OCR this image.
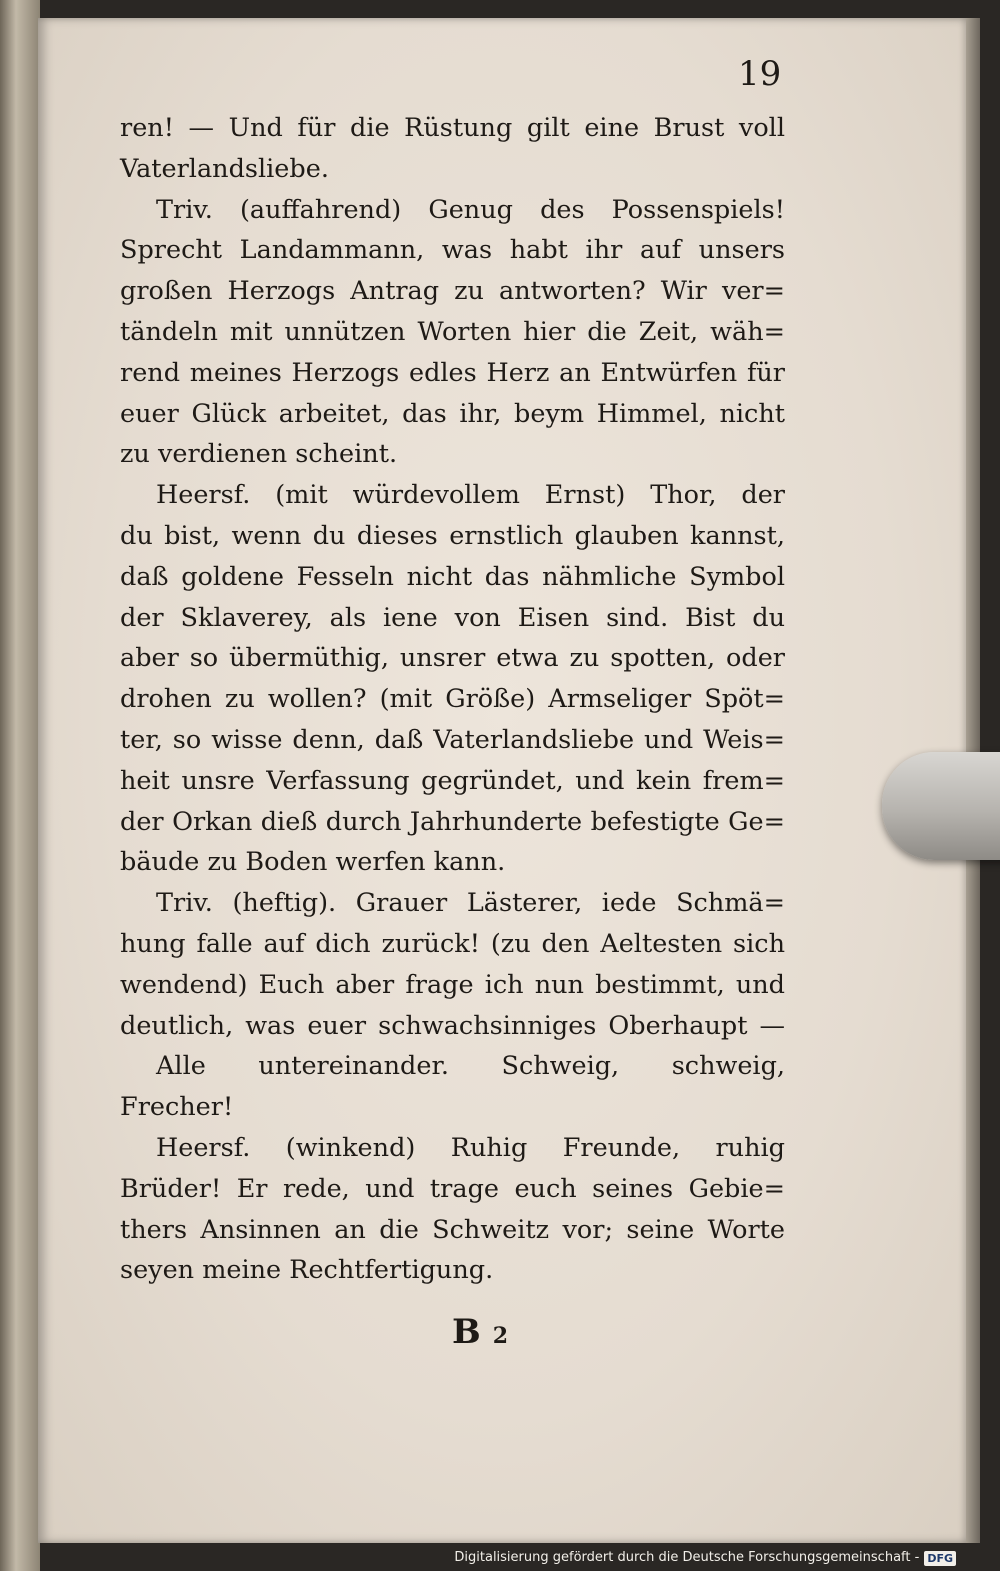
19
ren! — Und für die Rüstung gilt eine Brust voll
Vaterlandsliebe.
Triv. (auffahrend) Genug des Possenspiels!
Sprecht Landammann, was habt ihr auf unsers
großen Herzogs Antrag zu antworten? Wir ver=
tändeln mit unnützen Worten hier die Zeit, wäh=
rend meines Herzogs edles Herz an Entwürfen für
euer Glück arbeitet, das ihr, beym Himmel, nicht
zu verdienen scheint.
Heersf. (mit würdevollem Ernst) Thor, der
du bist, wenn du dieses ernstlich glauben kannst,
daß goldene Fesseln nicht das nähmliche Symbol
der Sklaverey, als iene von Eisen sind. Bist du
aber so übermüthig, unsrer etwa zu spotten, oder
drohen zu wollen? (mit Größe) Armseliger Spöt=
ter, so wisse denn, daß Vaterlandsliebe und Weis=
heit unsre Verfassung gegründet, und kein frem=
der Orkan dieß durch Jahrhunderte befestigte Ge=
bäude zu Boden werfen kann.
Triv. (heftig). Grauer Lästerer, iede Schmä=
hung falle auf dich zurück! (zu den Aeltesten sich
wendend) Euch aber frage ich nun bestimmt, und
deutlich, was euer schwachsinniges Oberhaupt —
Alle untereinander. Schweig, schweig,
Frecher!
Heersf. (winkend) Ruhig Freunde, ruhig
Brüder! Er rede, und trage euch seines Gebie=
thers Ansinnen an die Schweitz vor; seine Worte
seyen meine Rechtfertigung.
B 2
Digitalisierung gefördert durch die Deutsche Forschungsgemeinschaft - DFG
